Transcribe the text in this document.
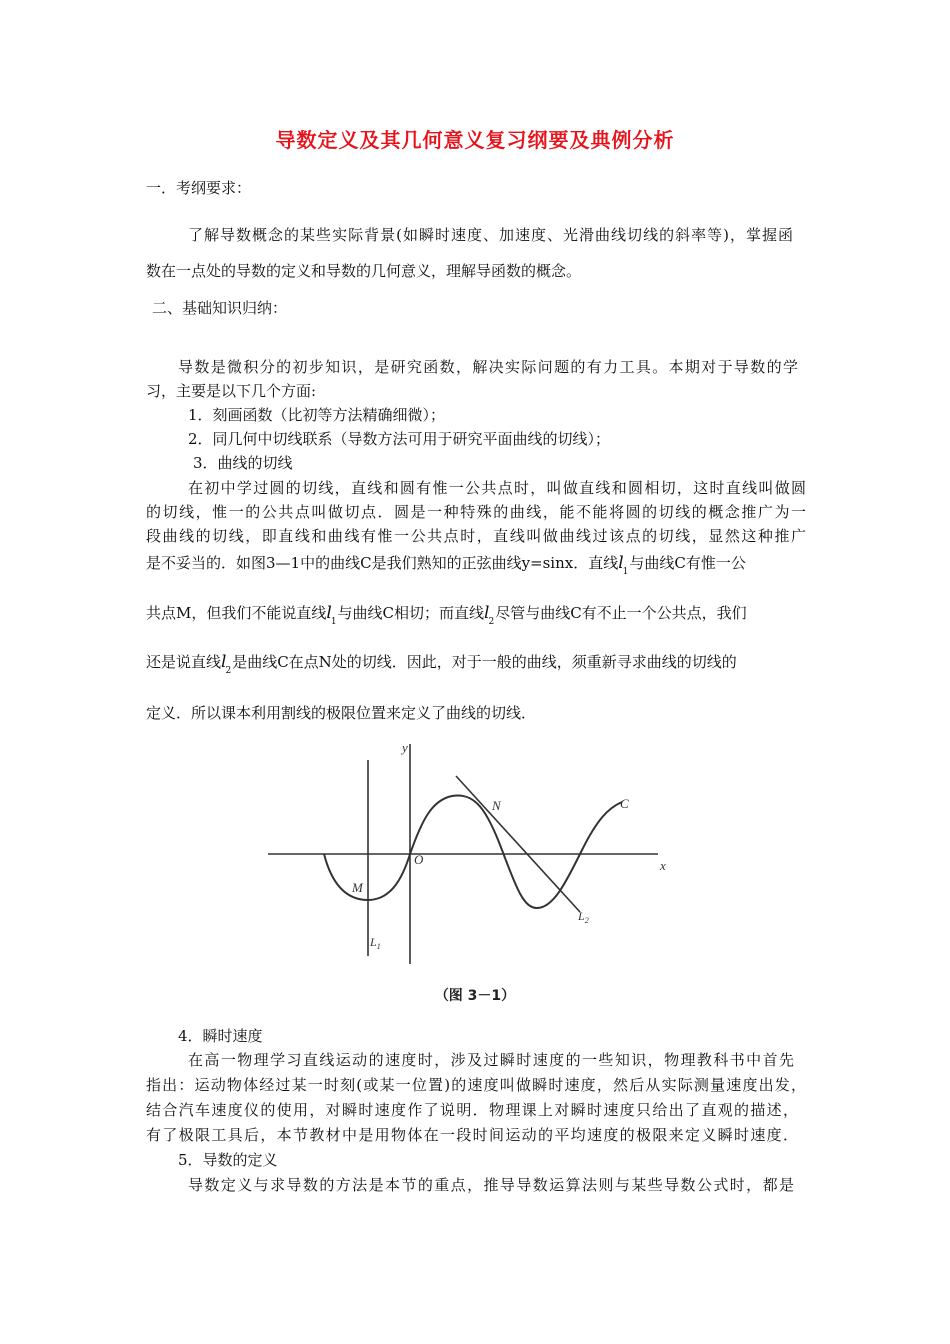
导数定义及其几何意义复习纲要及典例分析
一．考纲要求：
了解导数概念的某些实际背景(如瞬时速度、加速度、光滑曲线切线的斜率等)，掌握函
数在一点处的导数的定义和导数的几何意义，理解导函数的概念。
二、基础知识归纳：
导数是微积分的初步知识，是研究函数，解决实际问题的有力工具。本期对于导数的学
习，主要是以下几个方面:
1．刻画函数（比初等方法精确细微）；
2．同几何中切线联系（导数方法可用于研究平面曲线的切线）；
3．曲线的切线
在初中学过圆的切线，直线和圆有惟一公共点时，叫做直线和圆相切，这时直线叫做圆
的切线，惟一的公共点叫做切点．圆是一种特殊的曲线，能不能将圆的切线的概念推广为一
段曲线的切线，即直线和曲线有惟一公共点时，直线叫做曲线过该点的切线，显然这种推广
是不妥当的．如图3—1中的曲线C是我们熟知的正弦曲线y=sinx．直线$l_1$与曲线C有惟一公
共点M，但我们不能说直线$l_1$与曲线C相切；而直线$l_2$尽管与曲线C有不止一个公共点，我们
还是说直线$l_2$是曲线C在点N处的切线．因此，对于一般的曲线，须重新寻求曲线的切线的
定义．所以课本利用割线的极限位置来定义了曲线的切线．
y
x
O
M
N	C
$L_1$
$L_2$
（图 3－1）
4．瞬时速度
在高一物理学习直线运动的速度时，涉及过瞬时速度的一些知识，物理教科书中首先
指出：运动物体经过某一时刻(或某一位置)的速度叫做瞬时速度，然后从实际测量速度出发，
结合汽车速度仪的使用，对瞬时速度作了说明．物理课上对瞬时速度只给出了直观的描述，
有了极限工具后，本节教材中是用物体在一段时间运动的平均速度的极限来定义瞬时速度．
5．导数的定义
导数定义与求导数的方法是本节的重点，推导导数运算法则与某些导数公式时，都是
